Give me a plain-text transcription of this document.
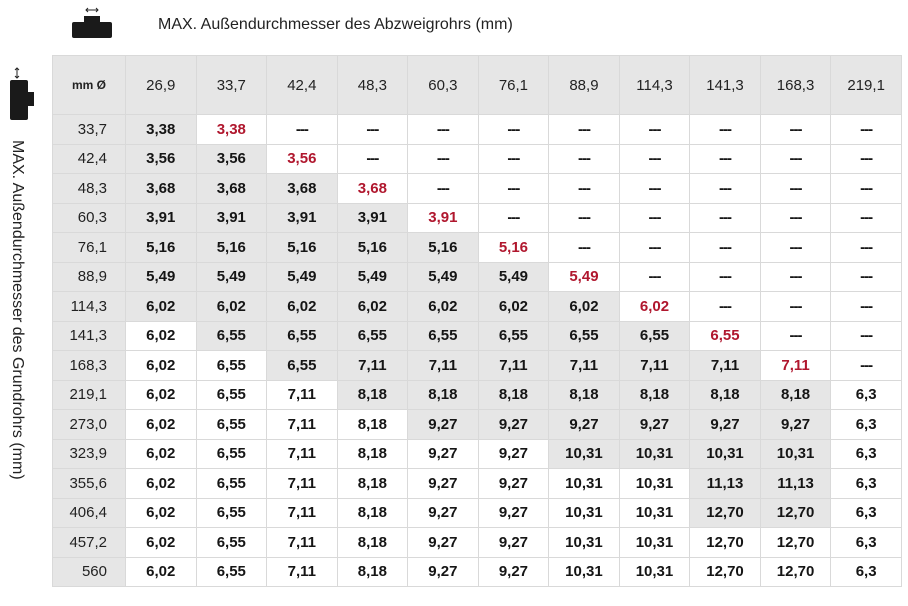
MAX. Außendurchmesser des Abzweigrohrs (mm)
MAX. Außendurchmesser des Grundrohrs (mm)
mm Ø	26,9	33,7	42,4	48,3	60,3	76,1	88,9	114,3	141,3	168,3	219,1
33,7	3,38	3,38	---	---	---	---	---	---	---	---	---
42,4	3,56	3,56	3,56	---	---	---	---	---	---	---	---
48,3	3,68	3,68	3,68	3,68	---	---	---	---	---	---	---
60,3	3,91	3,91	3,91	3,91	3,91	---	---	---	---	---	---
76,1	5,16	5,16	5,16	5,16	5,16	5,16	---	---	---	---	---
88,9	5,49	5,49	5,49	5,49	5,49	5,49	5,49	---	---	---	---
114,3	6,02	6,02	6,02	6,02	6,02	6,02	6,02	6,02	---	---	---
141,3	6,02	6,55	6,55	6,55	6,55	6,55	6,55	6,55	6,55	---	---
168,3	6,02	6,55	6,55	7,11	7,11	7,11	7,11	7,11	7,11	7,11	---
219,1	6,02	6,55	7,11	8,18	8,18	8,18	8,18	8,18	8,18	8,18	6,3
273,0	6,02	6,55	7,11	8,18	9,27	9,27	9,27	9,27	9,27	9,27	6,3
323,9	6,02	6,55	7,11	8,18	9,27	9,27	10,31	10,31	10,31	10,31	6,3
355,6	6,02	6,55	7,11	8,18	9,27	9,27	10,31	10,31	11,13	11,13	6,3
406,4	6,02	6,55	7,11	8,18	9,27	9,27	10,31	10,31	12,70	12,70	6,3
457,2	6,02	6,55	7,11	8,18	9,27	9,27	10,31	10,31	12,70	12,70	6,3
560	6,02	6,55	7,11	8,18	9,27	9,27	10,31	10,31	12,70	12,70	6,3
